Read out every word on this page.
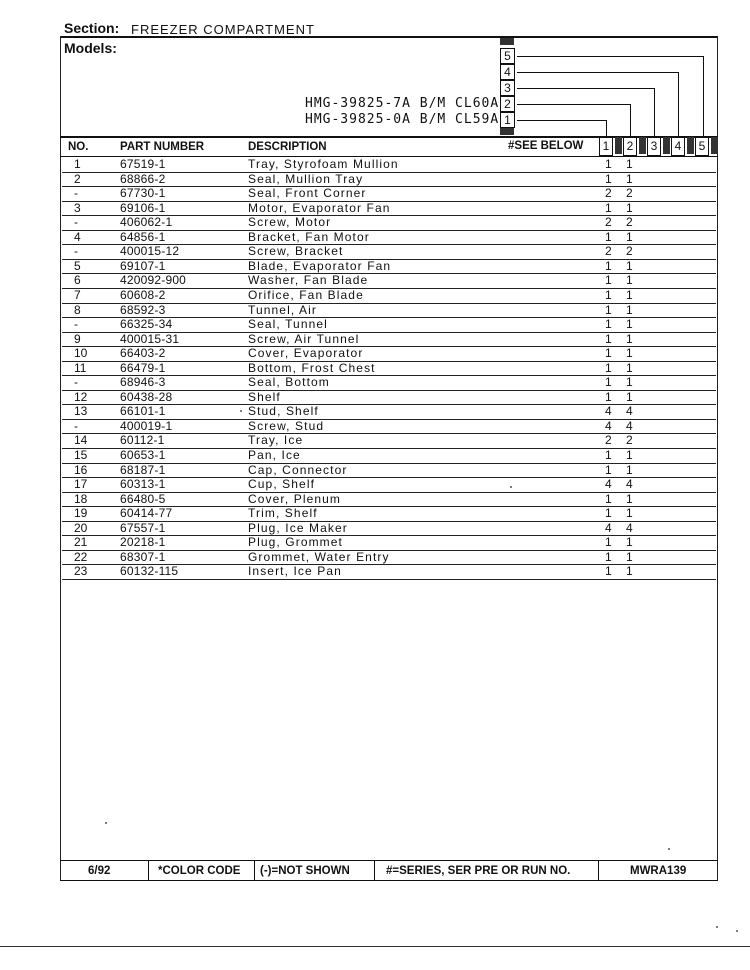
Section: FREEZER COMPARTMENT
Models:
HMG-39825-7A B/M CL60A
HMG-39825-0A B/M CL59A
5
4
3
2
1
NO.	PART NUMBER	DESCRIPTION	#SEE BELOW	1	2	3	4	5
1	67519-1	Tray, Styrofoam Mullion	1 1
2	68866-2	Seal, Mullion Tray	1 1
-	67730-1	Seal, Front Corner	2 2
3	69106-1	Motor, Evaporator Fan	1 1
-	406062-1	Screw, Motor	2 2
4	64856-1	Bracket, Fan Motor	1 1
-	400015-12	Screw, Bracket	2 2
5	69107-1	Blade, Evaporator Fan	1 1
6	420092-900	Washer, Fan Blade	1 1
7	60608-2	Orifice, Fan Blade	1 1
8	68592-3	Tunnel, Air	1 1
-	66325-34	Seal, Tunnel	1 1
9	400015-31	Screw, Air Tunnel	1 1
10	66403-2	Cover, Evaporator	1 1
11	66479-1	Bottom, Frost Chest	1 1
-	68946-3	Seal, Bottom	1 1
12	60438-28	Shelf	1 1
13	66101-1	Stud, Shelf	4 4
-	400019-1	Screw, Stud	4 4
14	60112-1	Tray, Ice	2 2
15	60653-1	Pan, Ice	1 1
16	68187-1	Cap, Connector	1 1
17	60313-1	Cup, Shelf	4 4
18	66480-5	Cover, Plenum	1 1
19	60414-77	Trim, Shelf	1 1
20	67557-1	Plug, Ice Maker	4 4
21	20218-1	Plug, Grommet	1 1
22	68307-1	Grommet, Water Entry	1 1
23	60132-115	Insert, Ice Pan	1 1
6/92	*COLOR CODE (-)=NOT SHOWN	#=SERIES, SER PRE OR RUN NO.	MWRA139
